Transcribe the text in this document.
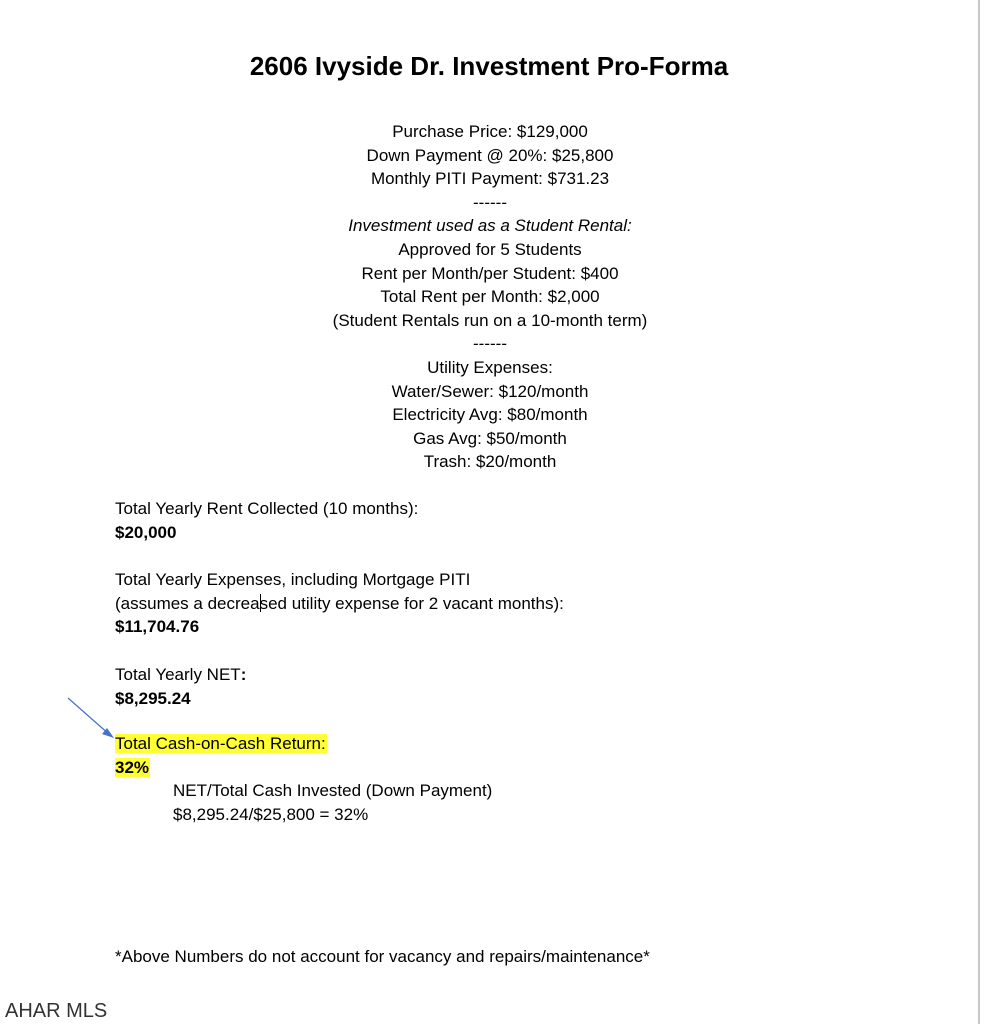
2606 Ivyside Dr. Investment Pro-Forma
Purchase Price: $129,000
Down Payment @ 20%: $25,800
Monthly PITI Payment: $731.23
------
Investment used as a Student Rental:
Approved for 5 Students
Rent per Month/per Student: $400
Total Rent per Month: $2,000
(Student Rentals run on a 10-month term)
------
Utility Expenses:
Water/Sewer: $120/month
Electricity Avg: $80/month
Gas Avg: $50/month
Trash: $20/month
Total Yearly Rent Collected (10 months):
$20,000
Total Yearly Expenses, including Mortgage PITI
(assumes a decreased utility expense for 2 vacant months):
$11,704.76
Total Yearly NET:
$8,295.24
Total Cash-on-Cash Return:
32%
NET/Total Cash Invested (Down Payment)
$8,295.24/$25,800 = 32%
*Above Numbers do not account for vacancy and repairs/maintenance*
AHAR MLS
